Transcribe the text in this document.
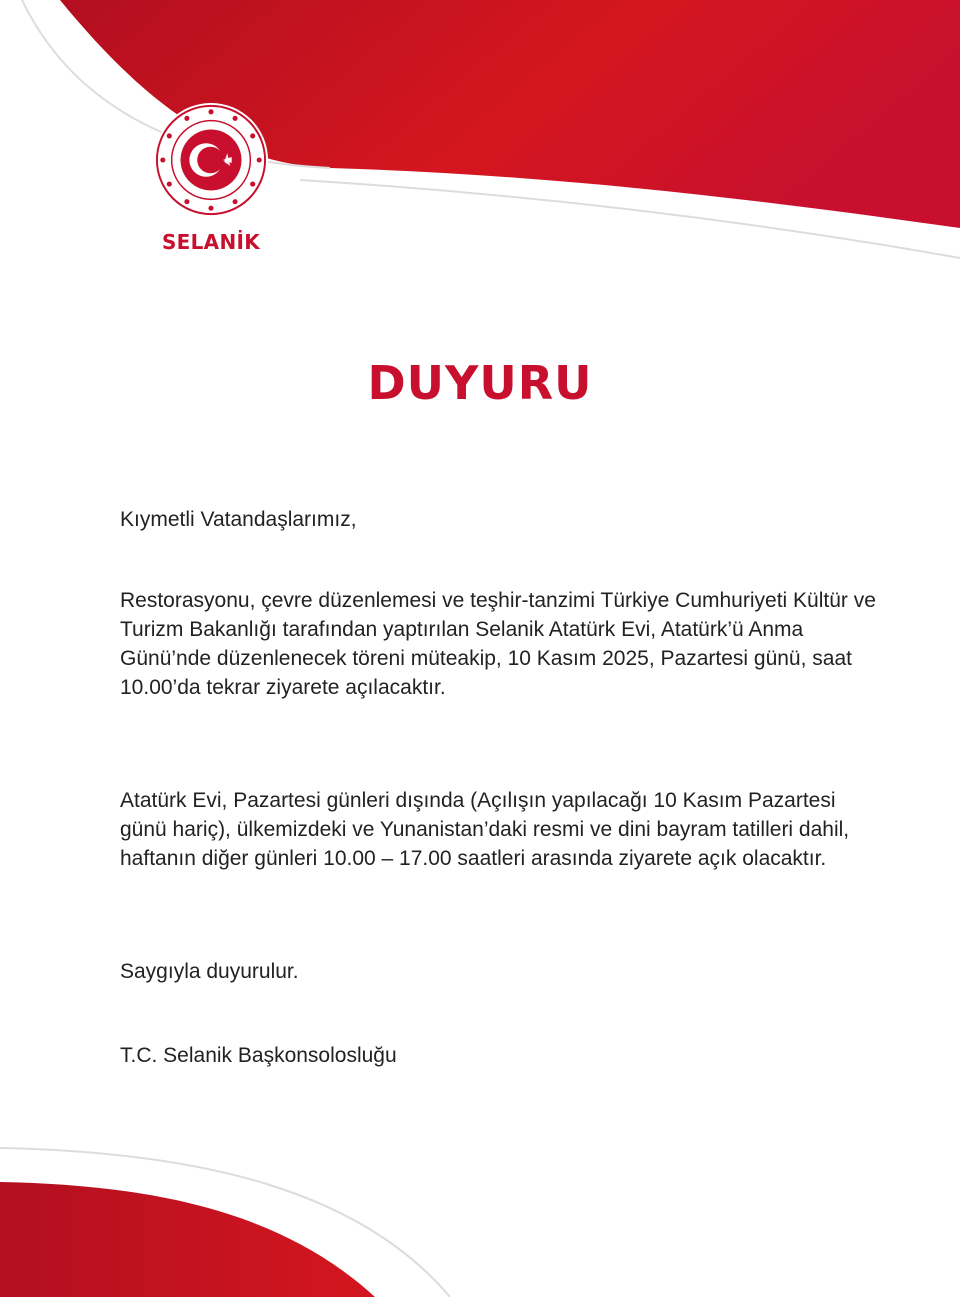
SELANİK
DUYURU

Kıymetli Vatandaşlarımız,

Restorasyonu, çevre düzenlemesi ve teşhir-tanzimi Türkiye Cumhuriyeti Kültür ve Turizm Bakanlığı tarafından yaptırılan Selanik Atatürk Evi, Atatürk’ü Anma Günü’nde düzenlenecek töreni müteakip, 10 Kasım 2025, Pazartesi günü, saat 10.00’da tekrar ziyarete açılacaktır.

Atatürk Evi, Pazartesi günleri dışında (Açılışın yapılacağı 10 Kasım Pazartesi günü hariç), ülkemizdeki ve Yunanistan’daki resmi ve dini bayram tatilleri dahil, haftanın diğer günleri 10.00 – 17.00 saatleri arasında ziyarete açık olacaktır.

Saygıyla duyurulur.

T.C. Selanik Başkonsolosluğu
